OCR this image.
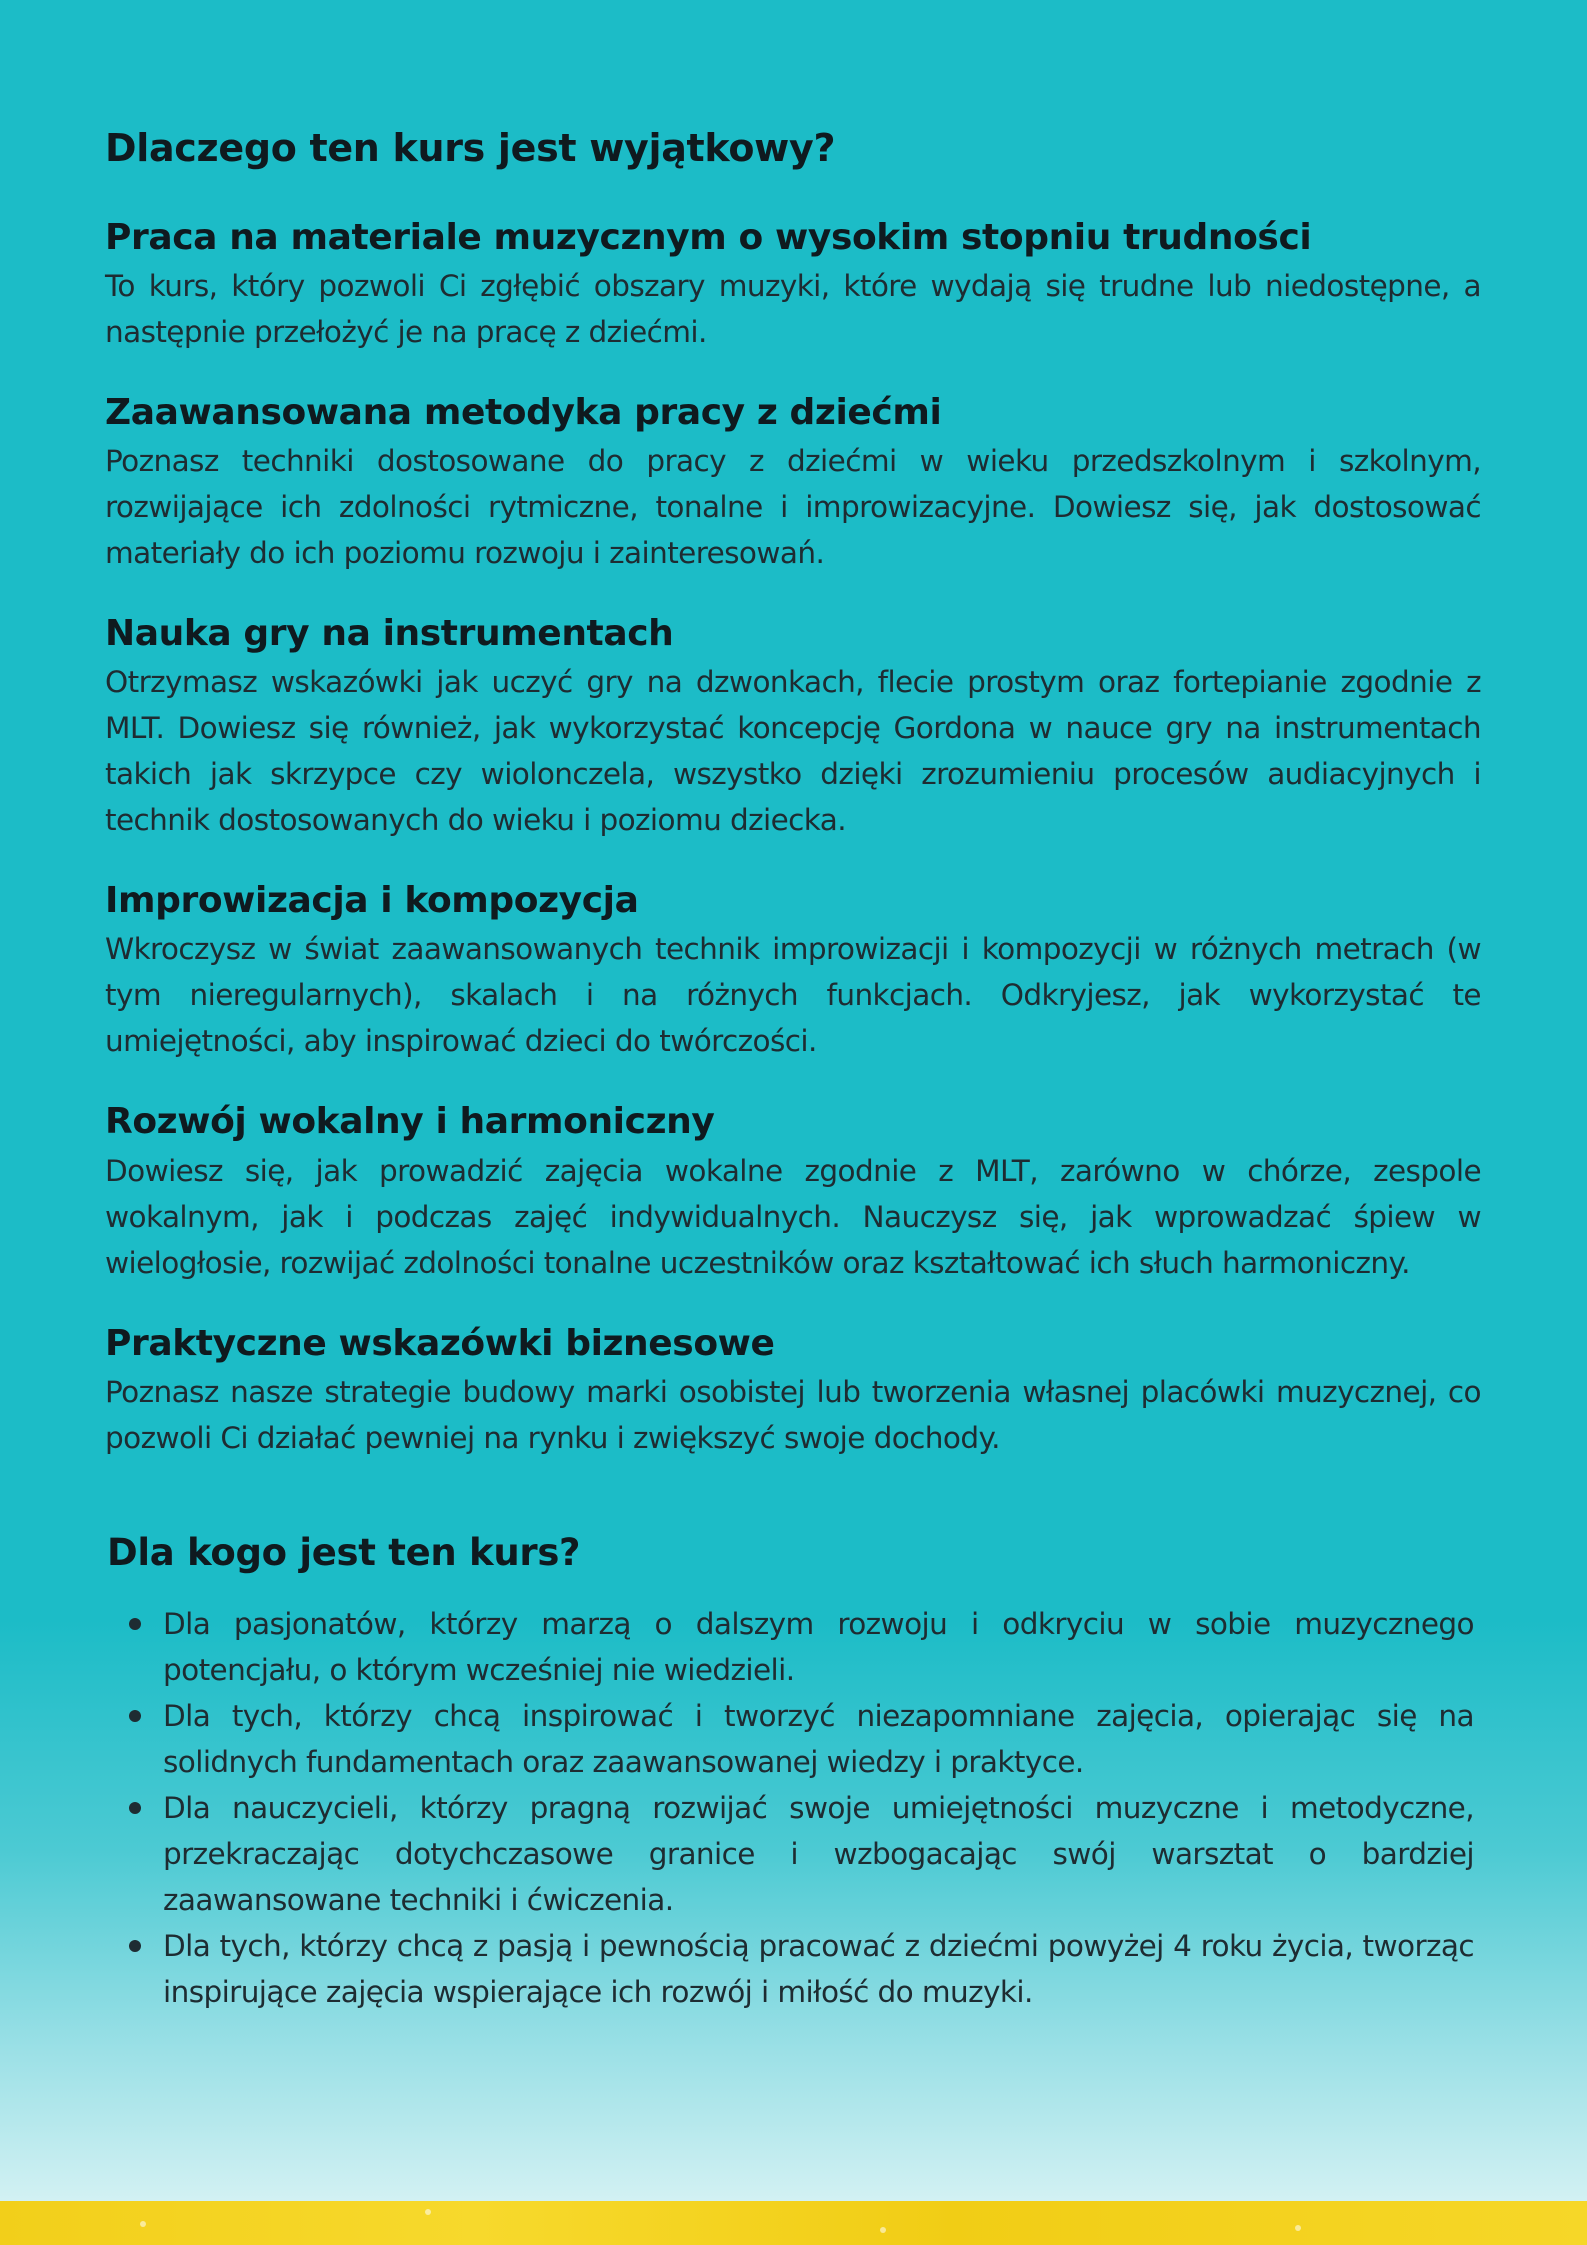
Dlaczego ten kurs jest wyjątkowy?
Praca na materiale muzycznym o wysokim stopniu trudności

To kurs, który pozwoli Ci zgłębić obszary muzyki, które wydają się trudne lub niedostępne, a następnie przełożyć je na pracę z dziećmi.

Zaawansowana metodyka pracy z dziećmi

Poznasz techniki dostosowane do pracy z dziećmi w wieku przedszkolnym i szkolnym, rozwijające ich zdolności rytmiczne, tonalne i improwizacyjne. Dowiesz się, jak dostosować materiały do ich poziomu rozwoju i zainteresowań.

Nauka gry na instrumentach

Otrzymasz wskazówki jak uczyć gry na dzwonkach, flecie prostym oraz fortepianie zgodnie z MLT. Dowiesz się również, jak wykorzystać koncepcję Gordona w nauce gry na instrumentach takich jak skrzypce czy wiolonczela, wszystko dzięki zrozumieniu procesów audiacyjnych i technik dostosowanych do wieku i poziomu dziecka.

Improwizacja i kompozycja

Wkroczysz w świat zaawansowanych technik improwizacji i kompozycji w różnych metrach (w tym nieregularnych), skalach i na różnych funkcjach. Odkryjesz, jak wykorzystać te umiejętności, aby inspirować dzieci do twórczości.

Rozwój wokalny i harmoniczny

Dowiesz się, jak prowadzić zajęcia wokalne zgodnie z MLT, zarówno w chórze, zespole wokalnym, jak i podczas zajęć indywidualnych. Nauczysz się, jak wprowadzać śpiew w wielogłosie, rozwijać zdolności tonalne uczestników oraz kształtować ich słuch harmoniczny.

Praktyczne wskazówki biznesowe

Poznasz nasze strategie budowy marki osobistej lub tworzenia własnej placówki muzycznej, co pozwoli Ci działać pewniej na rynku i zwiększyć swoje dochody.

Dla kogo jest ten kurs?
Dla pasjonatów, którzy marzą o dalszym rozwoju i odkryciu w sobie muzycznego potencjału, o którym wcześniej nie wiedzieli.
Dla tych, którzy chcą inspirować i tworzyć niezapomniane zajęcia, opierając się na solidnych fundamentach oraz zaawansowanej wiedzy i praktyce.
Dla nauczycieli, którzy pragną rozwijać swoje umiejętności muzyczne i metodyczne, przekraczając dotychczasowe granice i wzbogacając swój warsztat o bardziej zaawansowane techniki i ćwiczenia.
Dla tych, którzy chcą z pasją i pewnością pracować z dziećmi powyżej 4 roku życia, tworząc inspirujące zajęcia wspierające ich rozwój i miłość do muzyki.
